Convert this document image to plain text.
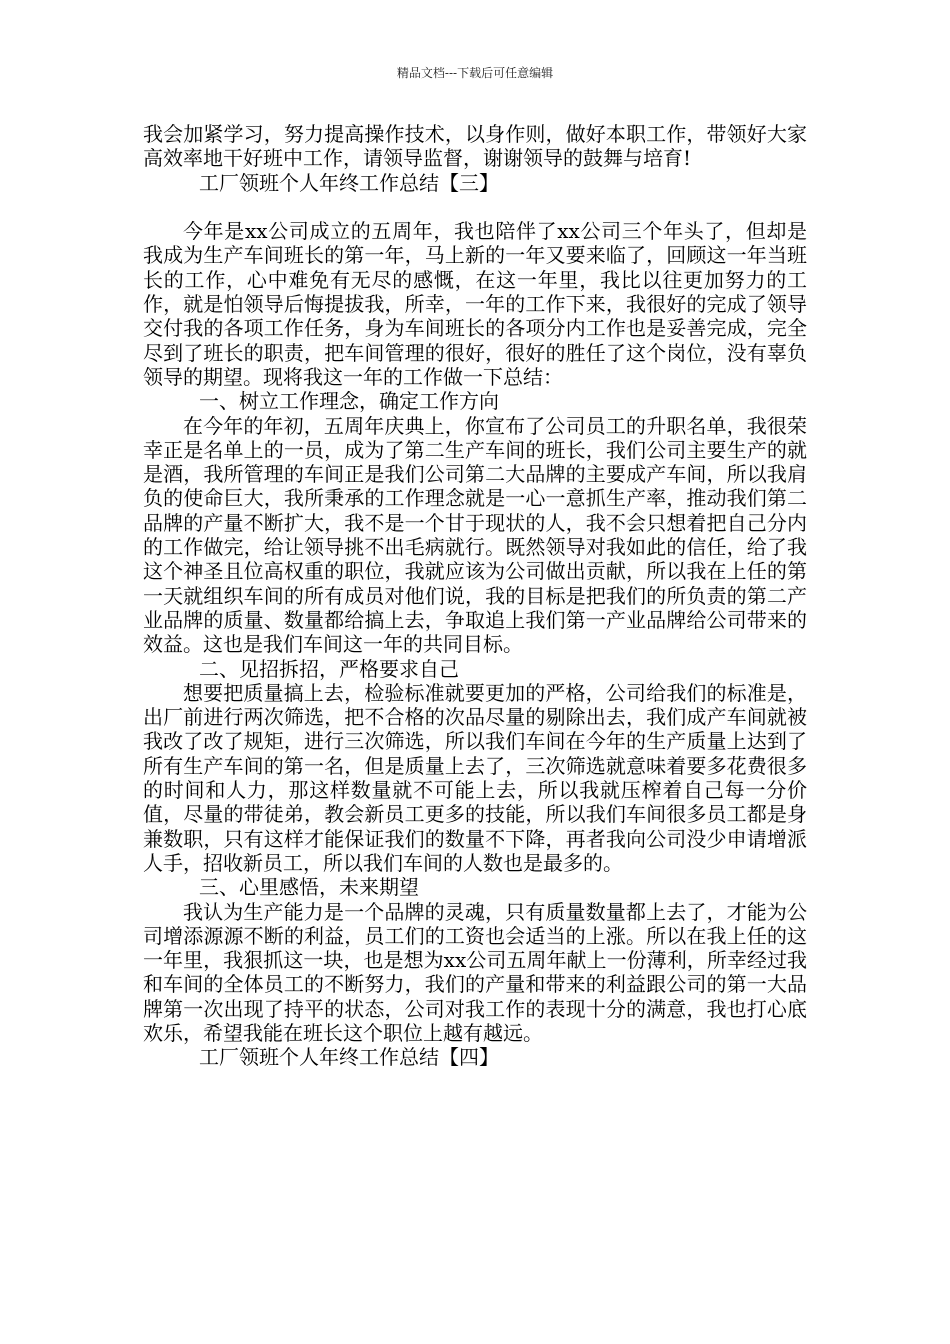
精品文档---下载后可任意编辑

我会加紧学习，努力提高操作技术，以身作则，做好本职工作，带领好大家高效率地干好班中工作，请领导监督，谢谢领导的鼓舞与培育!

工厂领班个人年终工作总结【三】

今年是xx公司成立的五周年，我也陪伴了xx公司三个年头了，但却是我成为生产车间班长的第一年，马上新的一年又要来临了，回顾这一年当班长的工作，心中难免有无尽的感慨，在这一年里，我比以往更加努力的工作，就是怕领导后悔提拔我，所幸，一年的工作下来，我很好的完成了领导交付我的各项工作任务，身为车间班长的各项分内工作也是妥善完成，完全尽到了班长的职责，把车间管理的很好，很好的胜任了这个岗位，没有辜负领导的期望。现将我这一年的工作做一下总结：

一、树立工作理念，确定工作方向

在今年的年初，五周年庆典上，你宣布了公司员工的升职名单，我很荣幸正是名单上的一员，成为了第二生产车间的班长，我们公司主要生产的就是酒，我所管理的车间正是我们公司第二大品牌的主要成产车间，所以我肩负的使命巨大，我所秉承的工作理念就是一心一意抓生产率，推动我们第二品牌的产量不断扩大，我不是一个甘于现状的人，我不会只想着把自己分内的工作做完，给让领导挑不出毛病就行。既然领导对我如此的信任，给了我这个神圣且位高权重的职位，我就应该为公司做出贡献，所以我在上任的第一天就组织车间的所有成员对他们说，我的目标是把我们的所负责的第二产业品牌的质量、数量都给搞上去，争取追上我们第一产业品牌给公司带来的效益。这也是我们车间这一年的共同目标。

二、见招拆招，严格要求自己

想要把质量搞上去，检验标准就要更加的严格，公司给我们的标准是，出厂前进行两次筛选，把不合格的次品尽量的剔除出去，我们成产车间就被我改了改了规矩，进行三次筛选，所以我们车间在今年的生产质量上达到了所有生产车间的第一名，但是质量上去了，三次筛选就意味着要多花费很多的时间和人力，那这样数量就不可能上去，所以我就压榨着自己每一分价值，尽量的带徒弟，教会新员工更多的技能，所以我们车间很多员工都是身兼数职，只有这样才能保证我们的数量不下降，再者我向公司没少申请增派人手，招收新员工，所以我们车间的人数也是最多的。

三、心里感悟，未来期望

我认为生产能力是一个品牌的灵魂，只有质量数量都上去了，才能为公司增添源源不断的利益，员工们的工资也会适当的上涨。所以在我上任的这一年里，我狠抓这一块，也是想为xx公司五周年献上一份薄利，所幸经过我和车间的全体员工的不断努力，我们的产量和带来的利益跟公司的第一大品牌第一次出现了持平的状态，公司对我工作的表现十分的满意，我也打心底欢乐，希望我能在班长这个职位上越有越远。

工厂领班个人年终工作总结【四】
